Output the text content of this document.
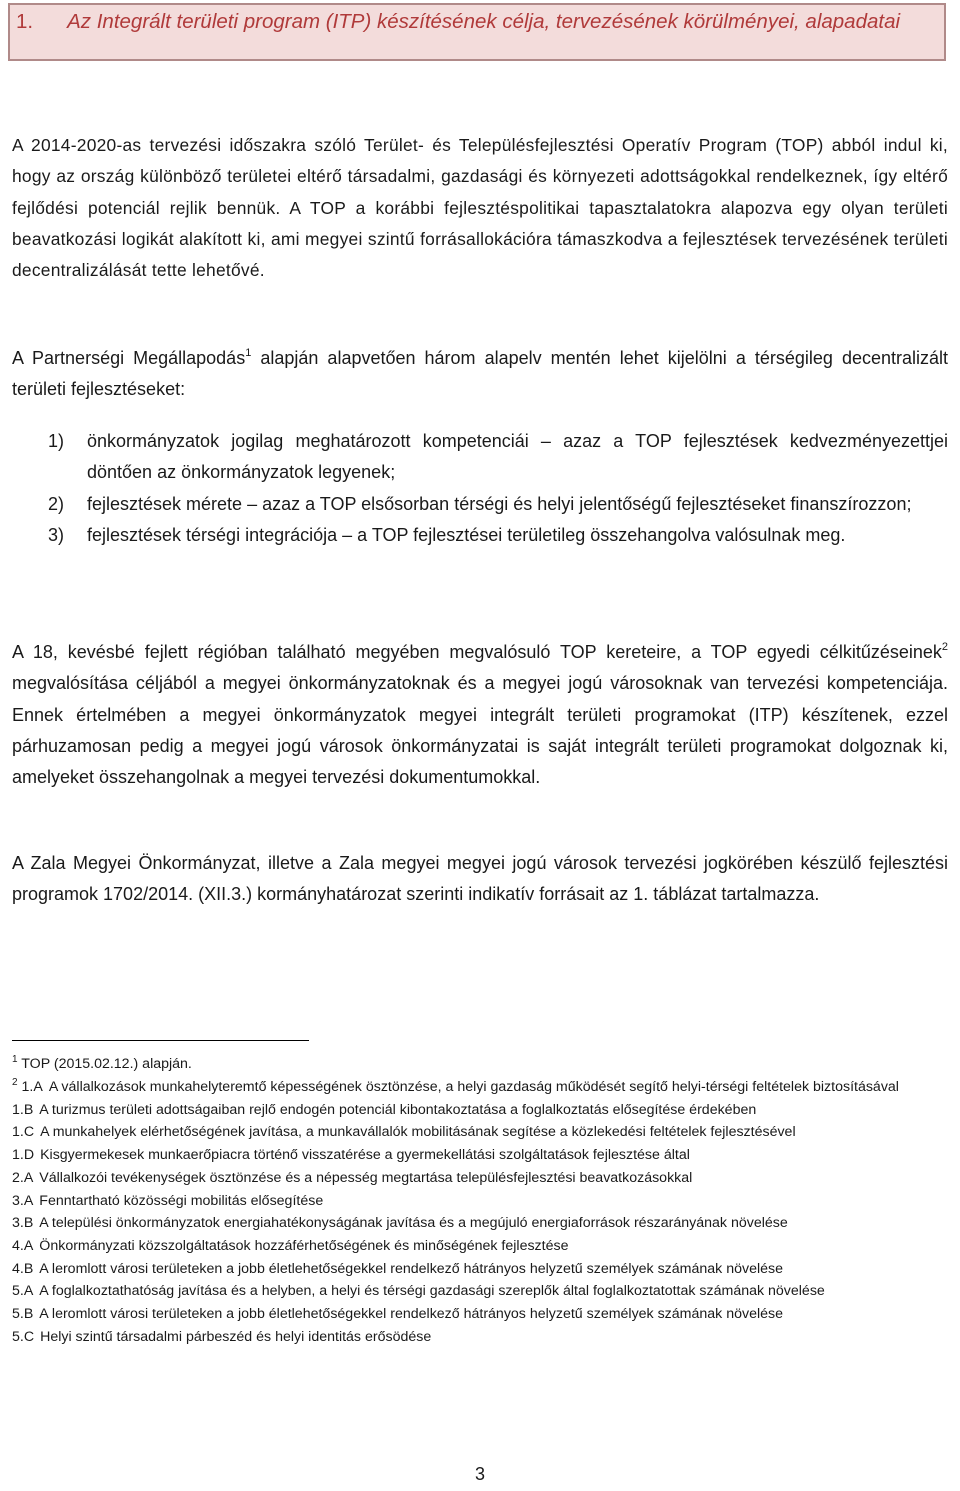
1. Az Integrált területi program (ITP) készítésének célja, tervezésének körülményei, alapadatai

A 2014-2020-as tervezési időszakra szóló Terület- és Településfejlesztési Operatív Program (TOP) abból indul ki, hogy az ország különböző területei eltérő társadalmi, gazdasági és környezeti adottságokkal rendelkeznek, így eltérő fejlődési potenciál rejlik bennük. A TOP a korábbi fejlesztéspolitikai tapasztalatokra alapozva egy olyan területi beavatkozási logikát alakított ki, ami megyei szintű forrásallokációra támaszkodva a fejlesztések tervezésének területi decentralizálását tette lehetővé.

A Partnerségi Megállapodás$^1$ alapján alapvetően három alapelv mentén lehet kijelölni a térségileg decentralizált területi fejlesztéseket:

1) önkormányzatok jogilag meghatározott kompetenciái – azaz a TOP fejlesztések kedvezményezettjei döntően az önkormányzatok legyenek;
2) fejlesztések mérete – azaz a TOP elsősorban térségi és helyi jelentőségű fejlesztéseket finanszírozzon;
3) fejlesztések térségi integrációja – a TOP fejlesztései területileg összehangolva valósulnak meg.

A 18, kevésbé fejlett régióban található megyében megvalósuló TOP kereteire, a TOP egyedi célkitűzéseinek$^2$ megvalósítása céljából a megyei önkormányzatoknak és a megyei jogú városoknak van tervezési kompetenciája. Ennek értelmében a megyei önkormányzatok megyei integrált területi programokat (ITP) készítenek, ezzel párhuzamosan pedig a megyei jogú városok önkormányzatai is saját integrált területi programokat dolgoznak ki, amelyeket összehangolnak a megyei tervezési dokumentumokkal.

A Zala Megyei Önkormányzat, illetve a Zala megyei megyei jogú városok tervezési jogkörében készülő fejlesztési programok 1702/2014. (XII.3.) kormányhatározat szerinti indikatív forrásait az 1. táblázat tartalmazza.

$^1$ TOP (2015.02.12.) alapján.

$^2$ 1.A A vállalkozások munkahelyteremtő képességének ösztönzése, a helyi gazdaság működését segítő helyi-térségi feltételek biztosításával
1.B A turizmus területi adottságaiban rejlő endogén potenciál kibontakoztatása a foglalkoztatás elősegítése érdekében
1.C A munkahelyek elérhetőségének javítása, a munkavállalók mobilitásának segítése a közlekedési feltételek fejlesztésével
1.D Kisgyermekesek munkaerőpiacra történő visszatérése a gyermekellátási szolgáltatások fejlesztése által
2.A Vállalkozói tevékenységek ösztönzése és a népesség megtartása településfejlesztési beavatkozásokkal
3.A Fenntartható közösségi mobilitás elősegítése
3.B A települési önkormányzatok energiahatékonyságának javítása és a megújuló energiaforrások részarányának növelése
4.A Önkormányzati közszolgáltatások hozzáférhetőségének és minőségének fejlesztése
4.B A leromlott városi területeken a jobb életlehetőségekkel rendelkező hátrányos helyzetű személyek számának növelése
5.A A foglalkoztathatóság javítása és a helyben, a helyi és térségi gazdasági szereplők által foglalkoztatottak számának növelése
5.B A leromlott városi területeken a jobb életlehetőségekkel rendelkező hátrányos helyzetű személyek számának növelése
5.C Helyi szintű társadalmi párbeszéd és helyi identitás erősödése
3
